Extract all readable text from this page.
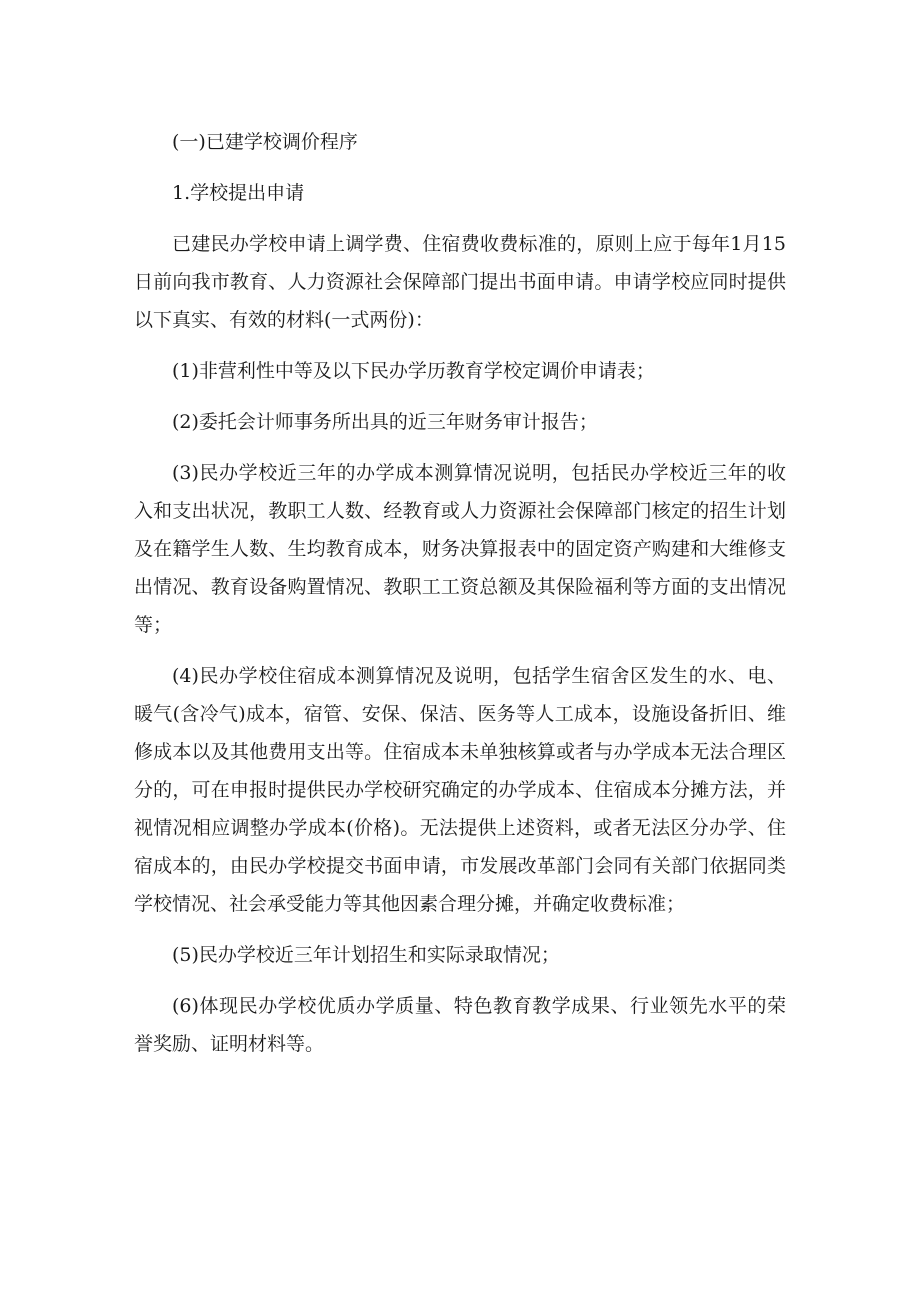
(一)已建学校调价程序

1.学校提出申请

已建民办学校申请上调学费、住宿费收费标准的，原则上应于每年1月15日前向我市教育、人力资源社会保障部门提出书面申请。申请学校应同时提供以下真实、有效的材料(一式两份)：

(1)非营利性中等及以下民办学历教育学校定调价申请表；

(2)委托会计师事务所出具的近三年财务审计报告；

(3)民办学校近三年的办学成本测算情况说明，包括民办学校近三年的收入和支出状况，教职工人数、经教育或人力资源社会保障部门核定的招生计划及在籍学生人数、生均教育成本，财务决算报表中的固定资产购建和大维修支出情况、教育设备购置情况、教职工工资总额及其保险福利等方面的支出情况等；

(4)民办学校住宿成本测算情况及说明，包括学生宿舍区发生的水、电、暖气(含冷气)成本，宿管、安保、保洁、医务等人工成本，设施设备折旧、维修成本以及其他费用支出等。住宿成本未单独核算或者与办学成本无法合理区分的，可在申报时提供民办学校研究确定的办学成本、住宿成本分摊方法，并视情况相应调整办学成本(价格)。无法提供上述资料，或者无法区分办学、住宿成本的，由民办学校提交书面申请，市发展改革部门会同有关部门依据同类学校情况、社会承受能力等其他因素合理分摊，并确定收费标准；

(5)民办学校近三年计划招生和实际录取情况；

(6)体现民办学校优质办学质量、特色教育教学成果、行业领先水平的荣誉奖励、证明材料等。
